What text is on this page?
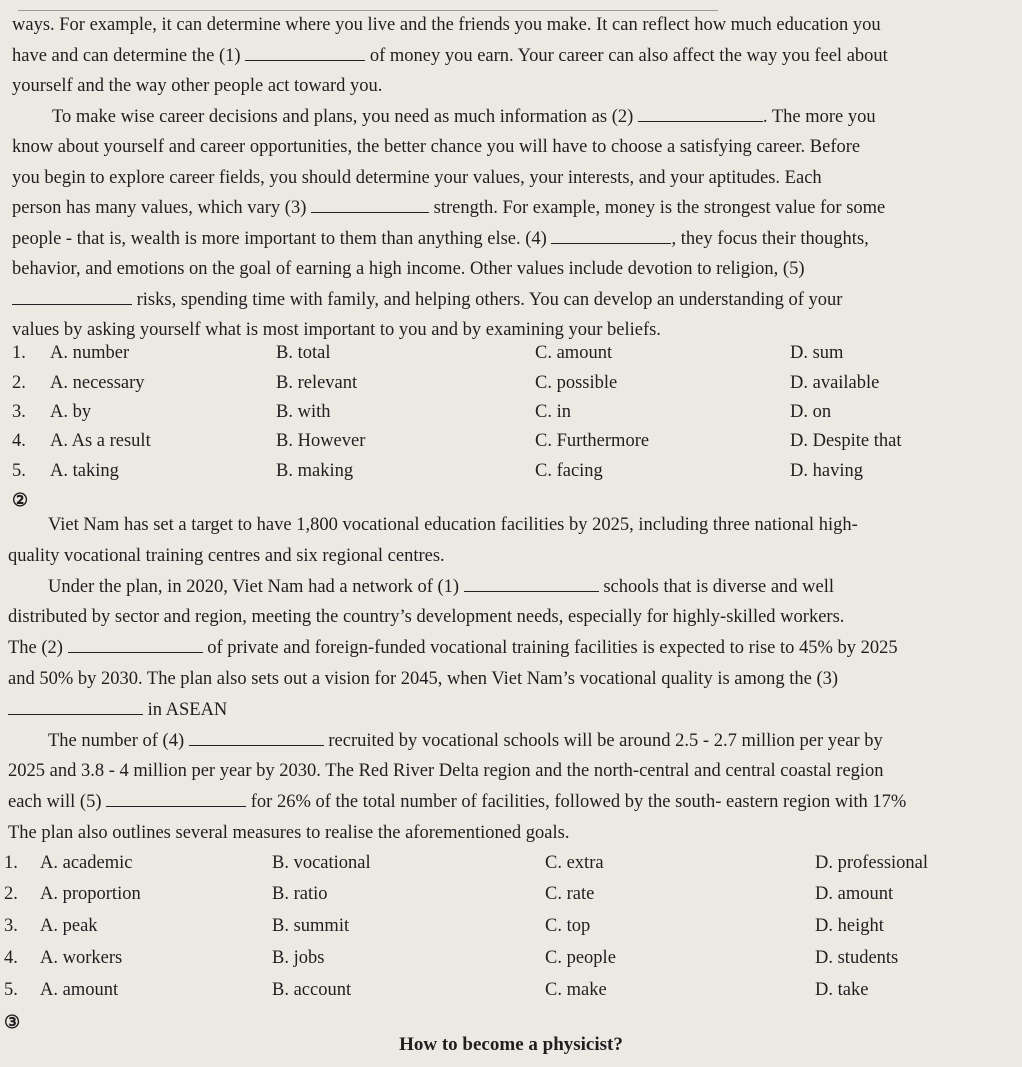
ways. For example, it can determine where you live and the friends you make. It can reflect how much education you
have and can determine the (1)	of money you earn. Your career can also affect the way you feel about
yourself and the way other people act toward you.
To make wise career decisions and plans, you need as much information as (2)	. The more you
know about yourself and career opportunities, the better chance you will have to choose a satisfying career. Before
you begin to explore career fields, you should determine your values, your interests, and your aptitudes. Each
person has many values, which vary (3)	strength. For example, money is the strongest value for some
people - that is, wealth is more important to them than anything else. (4)	, they focus their thoughts,
behavior, and emotions on the goal of earning a high income. Other values include devotion to religion, (5)
risks, spending time with family, and helping others. You can develop an understanding of your
values by asking yourself what is most important to you and by examining your beliefs.
1. A. number	B. total	C. amount	D. sum
2. A. necessary	B. relevant	C. possible	D. available
3. A. by	B. with	C. in	D. on
4. A. As a result	B. However	C. Furthermore	D. Despite that
5. A. taking	B. making	C. facing	D. having
②
Viet Nam has set a target to have 1,800 vocational education facilities by 2025, including three national high-
quality vocational training centres and six regional centres.
Under the plan, in 2020, Viet Nam had a network of (1)	schools that is diverse and well
distributed by sector and region, meeting the country’s development needs, especially for highly-skilled workers.
The (2)	of private and foreign-funded vocational training facilities is expected to rise to 45% by 2025
and 50% by 2030. The plan also sets out a vision for 2045, when Viet Nam’s vocational quality is among the (3)
in ASEAN
The number of (4)	recruited by vocational schools will be around 2.5 - 2.7 million per year by
2025 and 3.8 - 4 million per year by 2030. The Red River Delta region and the north-central and central coastal region
each will (5)	for 26% of the total number of facilities, followed by the south- eastern region with 17%
The plan also outlines several measures to realise the aforementioned goals.
1. A. academic	B. vocational	C. extra	D. professional
2. A. proportion	B. ratio	C. rate	D. amount
3. A. peak	B. summit	C. top	D. height
4. A. workers	B. jobs	C. people	D. students
5. A. amount	B. account	C. make	D. take
③
How to become a physicist?
